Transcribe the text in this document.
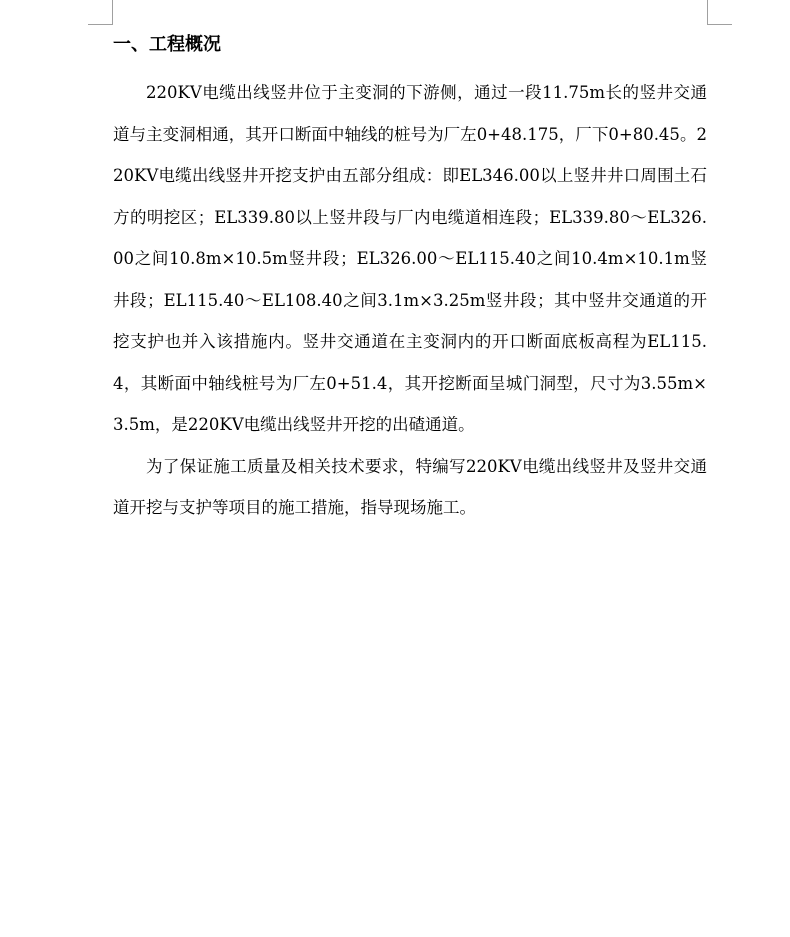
一、工程概况

220KV电缆出线竖井位于主变洞的下游侧，通过一段11.75m长的竖井交通道与主变洞相通，其开口断面中轴线的桩号为厂左0+48.175，厂下0+80.45。220KV电缆出线竖井开挖支护由五部分组成：即EL346.00以上竖井井口周围土石方的明挖区；EL339.80以上竖井段与厂内电缆道相连段；EL339.80～EL326.00之间10.8m×10.5m竖井段；EL326.00～EL115.40之间10.4m×10.1m竖井段；EL115.40～EL108.40之间3.1m×3.25m竖井段；其中竖井交通道的开挖支护也并入该措施内。竖井交通道在主变洞内的开口断面底板高程为EL115.4，其断面中轴线桩号为厂左0+51.4，其开挖断面呈城门洞型，尺寸为3.55m×3.5m，是220KV电缆出线竖井开挖的出碴通道。

为了保证施工质量及相关技术要求，特编写220KV电缆出线竖井及竖井交通道开挖与支护等项目的施工措施，指导现场施工。
